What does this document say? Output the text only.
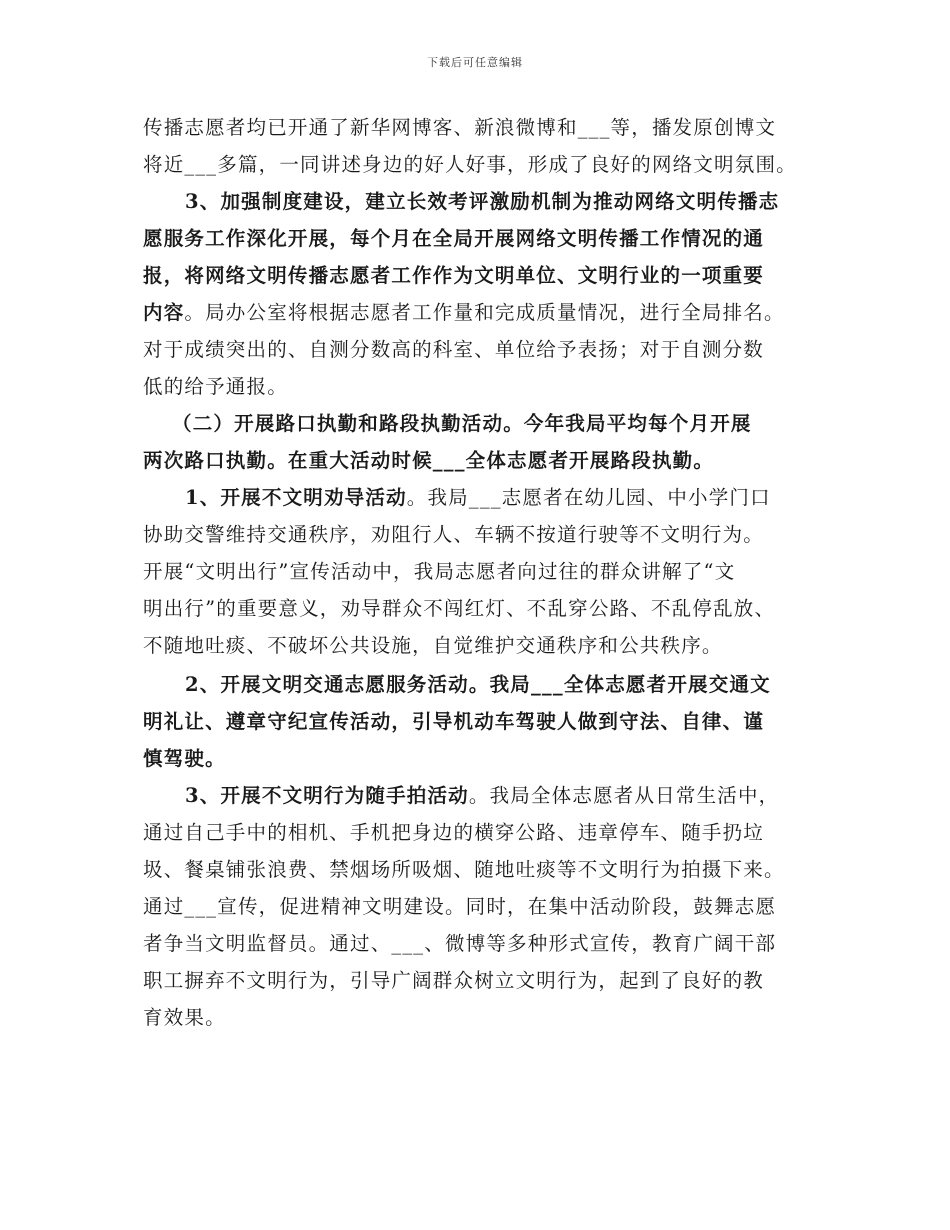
下载后可任意编辑
传播志愿者均已开通了新华网博客、新浪微博和___等，播发原创博文
将近___多篇，一同讲述身边的好人好事，形成了良好的网络文明氛围。
3、加强制度建设，建立长效考评激励机制为推动网络文明传播志
愿服务工作深化开展，每个月在全局开展网络文明传播工作情况的通
报，将网络文明传播志愿者工作作为文明单位、文明行业的一项重要
内容。局办公室将根据志愿者工作量和完成质量情况，进行全局排名。
对于成绩突出的、自测分数高的科室、单位给予表扬；对于自测分数
低的给予通报。
（二）开展路口执勤和路段执勤活动。今年我局平均每个月开展
两次路口执勤。在重大活动时候___全体志愿者开展路段执勤。
1、开展不文明劝导活动。我局___志愿者在幼儿园、中小学门口
协助交警维持交通秩序，劝阻行人、车辆不按道行驶等不文明行为。
开展“文明出行”宣传活动中，我局志愿者向过往的群众讲解了“文
明出行”的重要意义，劝导群众不闯红灯、不乱穿公路、不乱停乱放、
不随地吐痰、不破坏公共设施，自觉维护交通秩序和公共秩序。
2、开展文明交通志愿服务活动。我局___全体志愿者开展交通文
明礼让、遵章守纪宣传活动，引导机动车驾驶人做到守法、自律、谨
慎驾驶。
3、开展不文明行为随手拍活动。我局全体志愿者从日常生活中，
通过自己手中的相机、手机把身边的横穿公路、违章停车、随手扔垃
圾、餐桌铺张浪费、禁烟场所吸烟、随地吐痰等不文明行为拍摄下来。
通过___宣传，促进精神文明建设。同时，在集中活动阶段，鼓舞志愿
者争当文明监督员。通过、___、微博等多种形式宣传，教育广阔干部
职工摒弃不文明行为，引导广阔群众树立文明行为，起到了良好的教
育效果。
